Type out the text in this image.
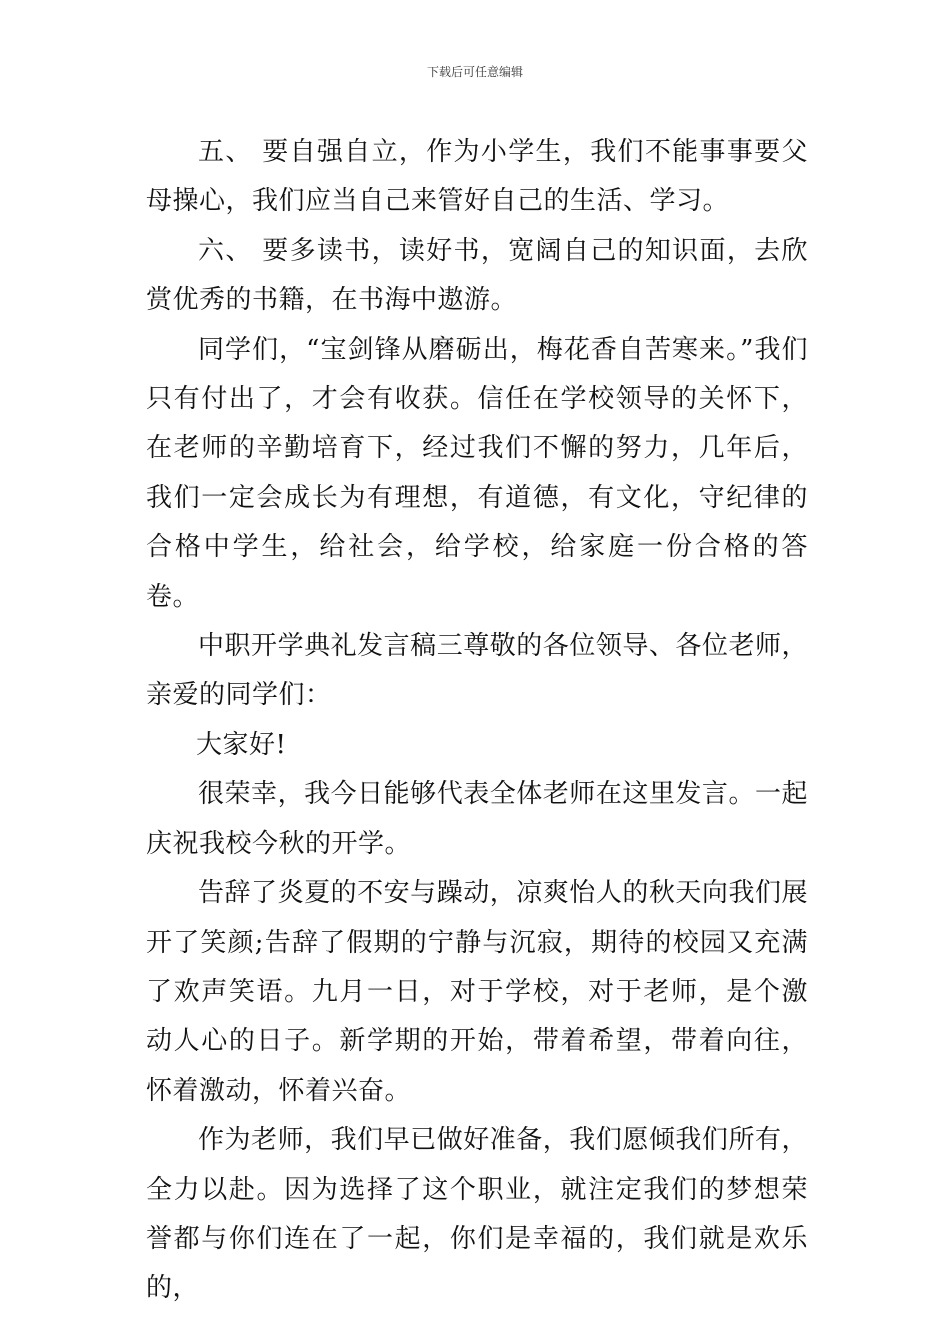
下载后可任意编辑

五、 要自强自立，作为小学生，我们不能事事要父母操心，我们应当自己来管好自己的生活、学习。

六、 要多读书，读好书，宽阔自己的知识面，去欣赏优秀的书籍，在书海中遨游。

同学们，“宝剑锋从磨砺出，梅花香自苦寒来。”我们只有付出了，才会有收获。信任在学校领导的关怀下，在老师的辛勤培育下，经过我们不懈的努力，几年后，我们一定会成长为有理想，有道德，有文化，守纪律的合格中学生，给社会，给学校，给家庭一份合格的答卷。

中职开学典礼发言稿三尊敬的各位领导、各位老师，亲爱的同学们：

大家好!

很荣幸，我今日能够代表全体老师在这里发言。一起庆祝我校今秋的开学。

告辞了炎夏的不安与躁动，凉爽怡人的秋天向我们展开了笑颜;告辞了假期的宁静与沉寂，期待的校园又充满了欢声笑语。九月一日，对于学校，对于老师，是个激动人心的日子。新学期的开始，带着希望，带着向往，怀着激动，怀着兴奋。

作为老师，我们早已做好准备，我们愿倾我们所有，全力以赴。因为选择了这个职业，就注定我们的梦想荣誉都与你们连在了一起，你们是幸福的，我们就是欢乐的，
